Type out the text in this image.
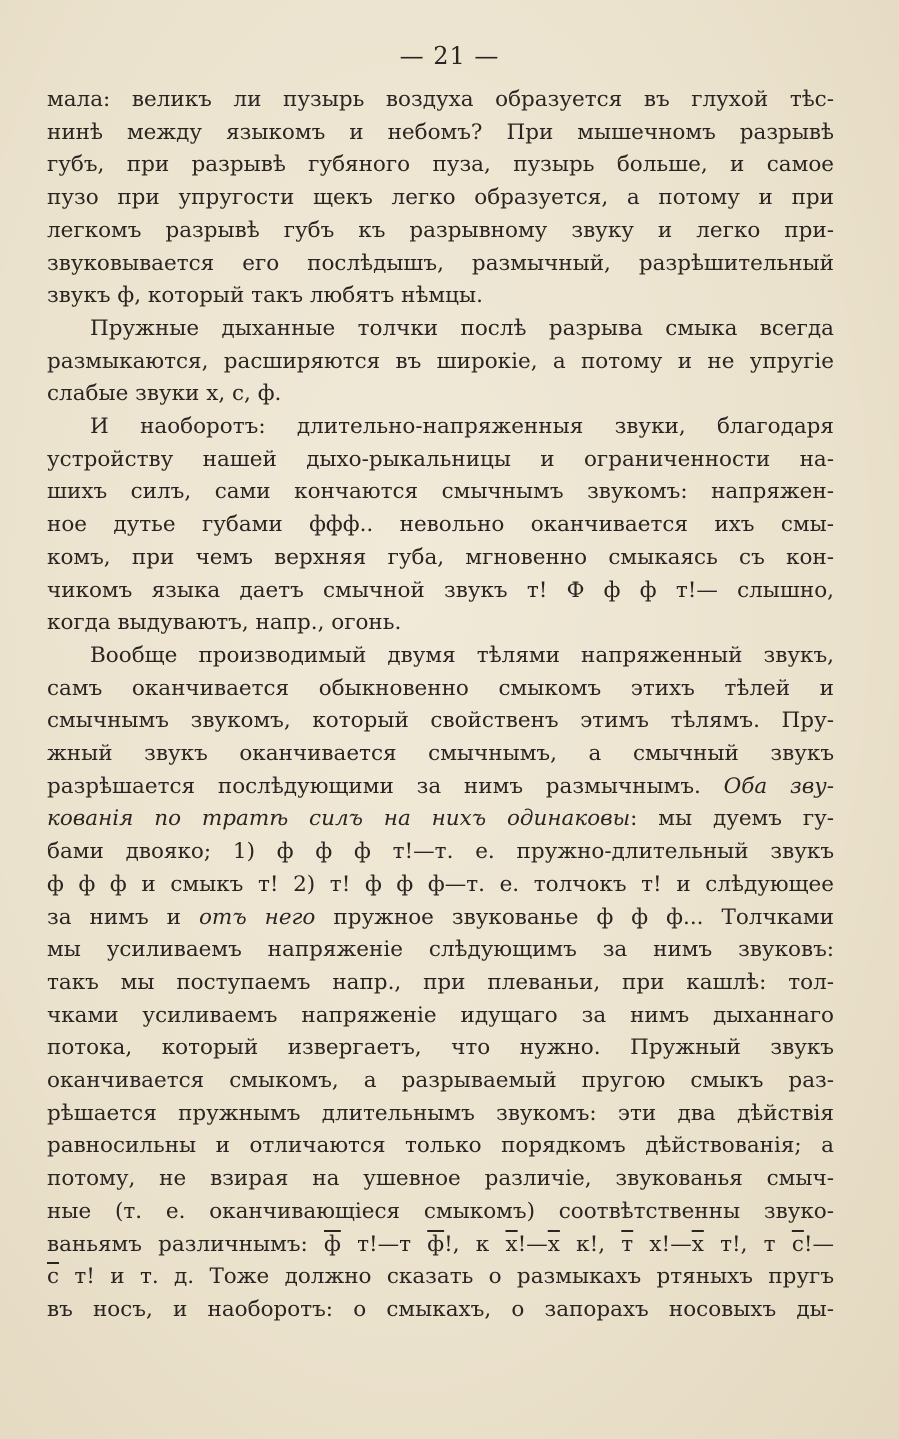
— 21 —
мала: великъ ли пузырь воздуха образуется въ глухой тѣс-
нинѣ между языкомъ и небомъ? При мышечномъ разрывѣ
губъ, при разрывѣ губяного пуза, пузырь больше, и самое
пузо при упругости щекъ легко образуется, а потому и при
легкомъ разрывѣ губъ къ разрывному звуку и легко при-
звуковывается его послѣдышъ, размычный, разрѣшительный
звукъ ф, который такъ любятъ нѣмцы.
Пружные дыханные толчки послѣ разрыва смыка всегда
размыкаются, расширяются въ широкіе, а потому и не упругіе
слабые звуки х, с, ф.
И наоборотъ: длительно-напряженныя звуки, благодаря
устройству нашей дыхо-рыкальницы и ограниченности на-
шихъ силъ, сами кончаются смычнымъ звукомъ: напряжен-
ное дутье губами ффф.. невольно оканчивается ихъ смы-
комъ, при чемъ верхняя губа, мгновенно смыкаясь съ кон-
чикомъ языка даетъ смычной звукъ т! Ф ф ф т!— слышно,
когда выдуваютъ, напр., огонь.
Вообще производимый двумя тѣлями напряженный звукъ,
самъ оканчивается обыкновенно смыкомъ этихъ тѣлей и
смычнымъ звукомъ, который свойственъ этимъ тѣлямъ. Пру-
жный звукъ оканчивается смычнымъ, а смычный звукъ
разрѣшается послѣдующими за нимъ размычнымъ. Оба зву-
кованія по тратѣ силъ на нихъ одинаковы: мы дуемъ гу-
бами двояко; 1) ф ф ф т!—т. е. пружно-длительный звукъ
ф ф ф и смыкъ т! 2) т! ф ф ф—т. е. толчокъ т! и слѣдующее
за нимъ и отъ него пружное звукованье ф ф ф... Толчками
мы усиливаемъ напряженіе слѣдующимъ за нимъ звуковъ:
такъ мы поступаемъ напр., при плеваньи, при кашлѣ: тол-
чками усиливаемъ напряженіе идущаго за нимъ дыханнаго
потока, который извергаетъ, что нужно. Пружный звукъ
оканчивается смыкомъ, а разрываемый пругою смыкъ раз-
рѣшается пружнымъ длительнымъ звукомъ: эти два дѣйствія
равносильны и отличаются только порядкомъ дѣйствованія; а
потому, не взирая на ушевное различіе, звукованья смыч-
ные (т. е. оканчивающіеся смыкомъ) соотвѣтственны звуко-
ваньямъ различнымъ: ф т!—т ф!, к х!—х к!, т х!—х т!, т с!—
с т! и т. д. Тоже должно сказать о размыкахъ ртяныхъ пругъ
въ носъ, и наоборотъ: о смыкахъ, о запорахъ носовыхъ ды-
